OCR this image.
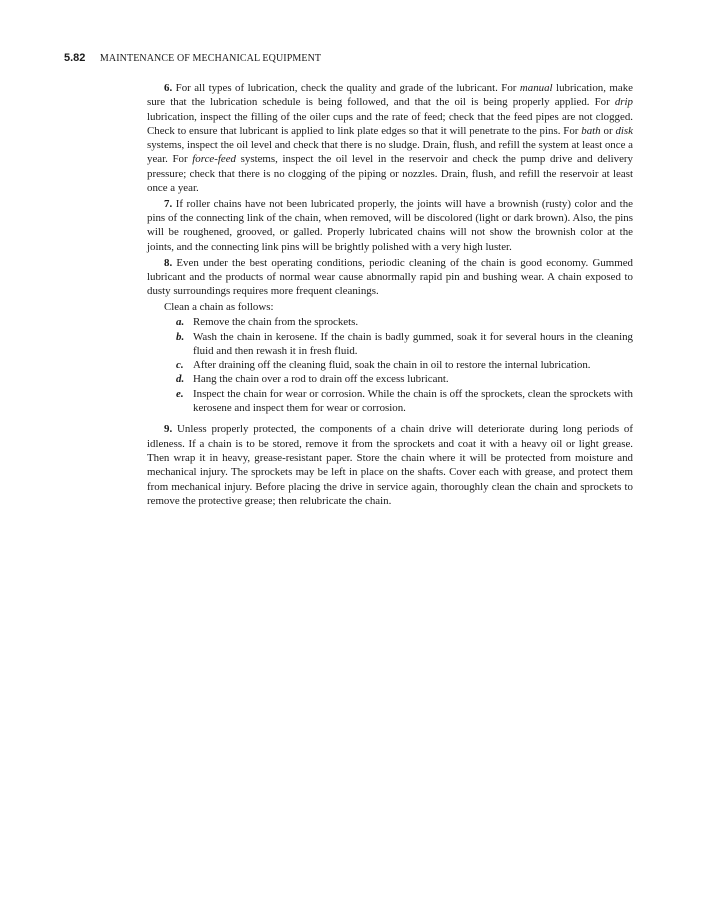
5.82 MAINTENANCE OF MECHANICAL EQUIPMENT

6. For all types of lubrication, check the quality and grade of the lubricant. For manual lubrication, make sure that the lubrication schedule is being followed, and that the oil is being properly applied. For drip lubrication, inspect the filling of the oiler cups and the rate of feed; check that the feed pipes are not clogged. Check to ensure that lubricant is applied to link plate edges so that it will penetrate to the pins. For bath or disk systems, inspect the oil level and check that there is no sludge. Drain, flush, and refill the system at least once a year. For force-feed systems, inspect the oil level in the reservoir and check the pump drive and delivery pressure; check that there is no clogging of the piping or nozzles. Drain, flush, and refill the reservoir at least once a year.

7. If roller chains have not been lubricated properly, the joints will have a brownish (rusty) color and the pins of the connecting link of the chain, when removed, will be discolored (light or dark brown). Also, the pins will be roughened, grooved, or galled. Properly lubricated chains will not show the brownish color at the joints, and the connecting link pins will be brightly polished with a very high luster.

8. Even under the best operating conditions, periodic cleaning of the chain is good economy. Gummed lubricant and the products of normal wear cause abnormally rapid pin and bushing wear. A chain exposed to dusty surroundings requires more frequent cleanings.

Clean a chain as follows:

a. Remove the chain from the sprockets.
b. Wash the chain in kerosene. If the chain is badly gummed, soak it for several hours in the cleaning fluid and then rewash it in fresh fluid.
c. After draining off the cleaning fluid, soak the chain in oil to restore the internal lubrication.
d. Hang the chain over a rod to drain off the excess lubricant.
e. Inspect the chain for wear or corrosion. While the chain is off the sprockets, clean the sprockets with kerosene and inspect them for wear or corrosion.

9. Unless properly protected, the components of a chain drive will deteriorate during long periods of idleness. If a chain is to be stored, remove it from the sprockets and coat it with a heavy oil or light grease. Then wrap it in heavy, grease-resistant paper. Store the chain where it will be protected from moisture and mechanical injury. The sprockets may be left in place on the shafts. Cover each with grease, and protect them from mechanical injury. Before placing the drive in service again, thoroughly clean the chain and sprockets to remove the protective grease; then relubricate the chain.
